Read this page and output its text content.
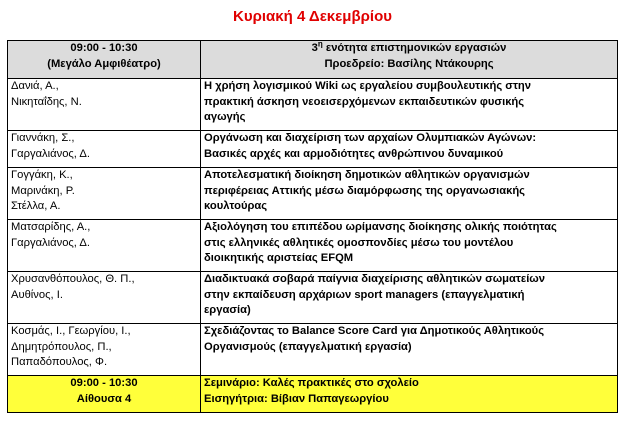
Κυριακή 4 Δεκεμβρίου
09:00 - 10:30
(Μεγάλο Αμφιθέατρο)	$3^\eta$ ενότητα επιστημονικών εργασιών
Προεδρείο: Βασίλης Ντάκουρης

Δανιά, Α.,
Νικηταΐδης, Ν.	Η χρήση λογισμικού Wiki ως εργαλείου συμβουλευτικής στην
πρακτική άσκηση νεοεισερχόμενων εκπαιδευτικών φυσικής
αγωγής

Γιαννάκη, Σ.,
Γαργαλιάνος, Δ.	Οργάνωση και διαχείριση των αρχαίων Ολυμπιακών Αγώνων:
Βασικές αρχές και αρμοδιότητες ανθρώπινου δυναμικού

Γογγάκη, Κ.,
Μαρινάκη, Ρ.
Στέλλα, Α.	Αποτελεσματική διοίκηση δημοτικών αθλητικών οργανισμών
περιφέρειας Αττικής μέσω διαμόρφωσης της οργανωσιακής
κουλτούρας

Ματσαρίδης, Α.,
Γαργαλιάνος, Δ.	Αξιολόγηση του επιπέδου ωρίμανσης διοίκησης ολικής ποιότητας
στις ελληνικές αθλητικές ομοσπονδίες μέσω του μοντέλου
διοικητικής αριστείας EFQM

Χρυσανθόπουλος, Θ. Π.,
Αυθίνος, Ι.	Διαδικτυακά σοβαρά παίγνια διαχείρισης αθλητικών σωματείων
στην εκπαίδευση αρχάριων sport managers (επαγγελματική
εργασία)

Κοσμάς, Ι., Γεωργίου, Ι.,
Δημητρόπουλος, Π.,
Παπαδόπουλος, Φ.	Σχεδιάζοντας το Balance Score Card για Δημοτικούς Αθλητικούς
Οργανισμούς (επαγγελματική εργασία)

09:00 - 10:30
Αίθουσα 4	Σεμινάριο: Καλές πρακτικές στο σχολείο
Εισηγήτρια: Βίβιαν Παπαγεωργίου
